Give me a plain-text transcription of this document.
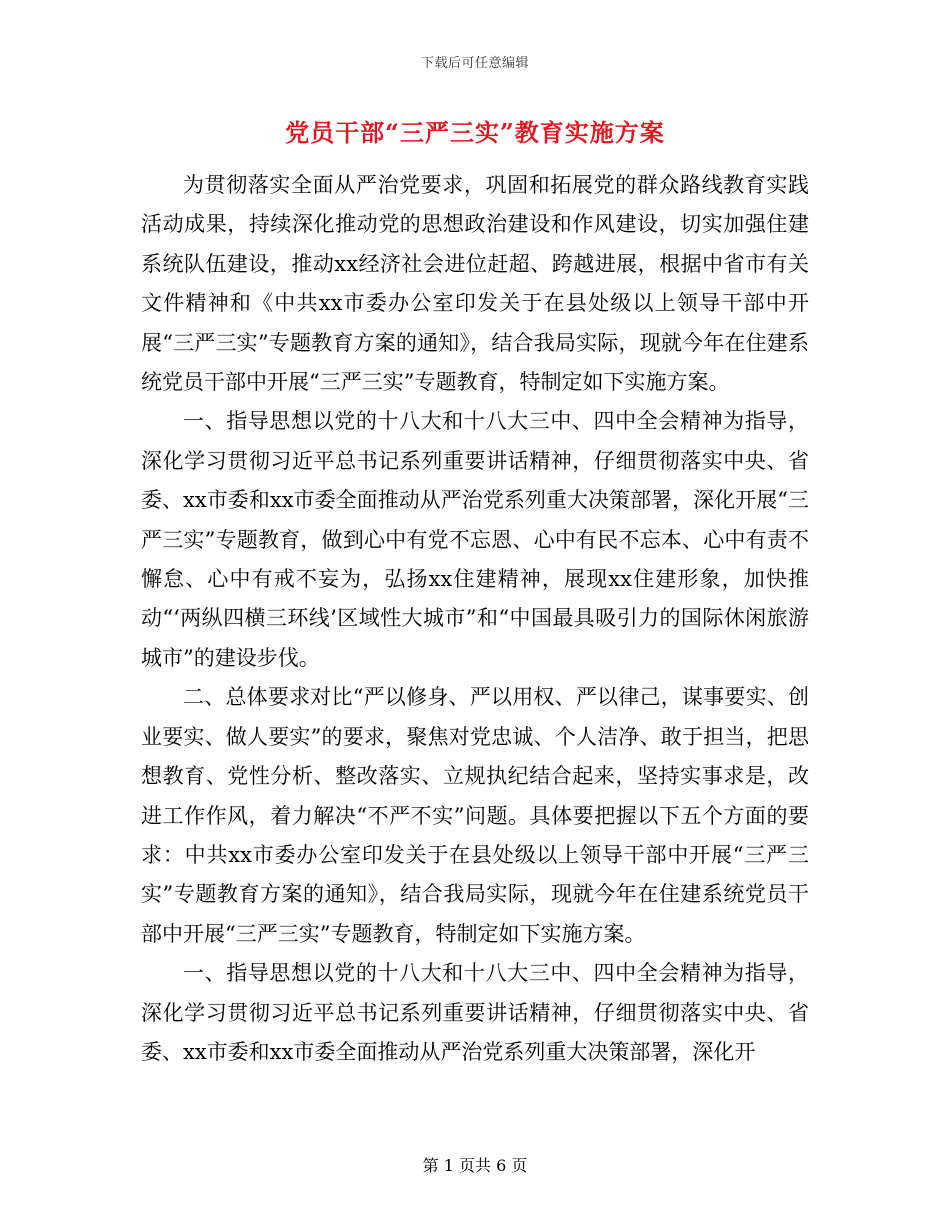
下载后可任意编辑
党员干部“三严三实”教育实施方案

为贯彻落实全面从严治党要求，巩固和拓展党的群众路线教育实践活动成果，持续深化推动党的思想政治建设和作风建设，切实加强住建系统队伍建设，推动xx经济社会进位赶超、跨越进展，根据中省市有关文件精神和《中共xx市委办公室印发关于在县处级以上领导干部中开展“三严三实”专题教育方案的通知》，结合我局实际，现就今年在住建系统党员干部中开展“三严三实”专题教育，特制定如下实施方案。

一、指导思想以党的十八大和十八大三中、四中全会精神为指导，深化学习贯彻习近平总书记系列重要讲话精神，仔细贯彻落实中央、省委、xx市委和xx市委全面推动从严治党系列重大决策部署，深化开展“三严三实”专题教育，做到心中有党不忘恩、心中有民不忘本、心中有责不懈怠、心中有戒不妄为，弘扬xx住建精神，展现xx住建形象，加快推动“‘两纵四横三环线’区域性大城市”和“中国最具吸引力的国际休闲旅游城市”的建设步伐。

二、总体要求对比“严以修身、严以用权、严以律己，谋事要实、创业要实、做人要实”的要求，聚焦对党忠诚、个人洁净、敢于担当，把思想教育、党性分析、整改落实、立规执纪结合起来，坚持实事求是，改进工作作风，着力解决“不严不实”问题。具体要把握以下五个方面的要求：中共xx市委办公室印发关于在县处级以上领导干部中开展“三严三实”专题教育方案的通知》，结合我局实际，现就今年在住建系统党员干部中开展“三严三实”专题教育，特制定如下实施方案。

一、指导思想以党的十八大和十八大三中、四中全会精神为指导，深化学习贯彻习近平总书记系列重要讲话精神，仔细贯彻落实中央、省委、xx市委和xx市委全面推动从严治党系列重大决策部署，深化开

第 1 页共 6 页
